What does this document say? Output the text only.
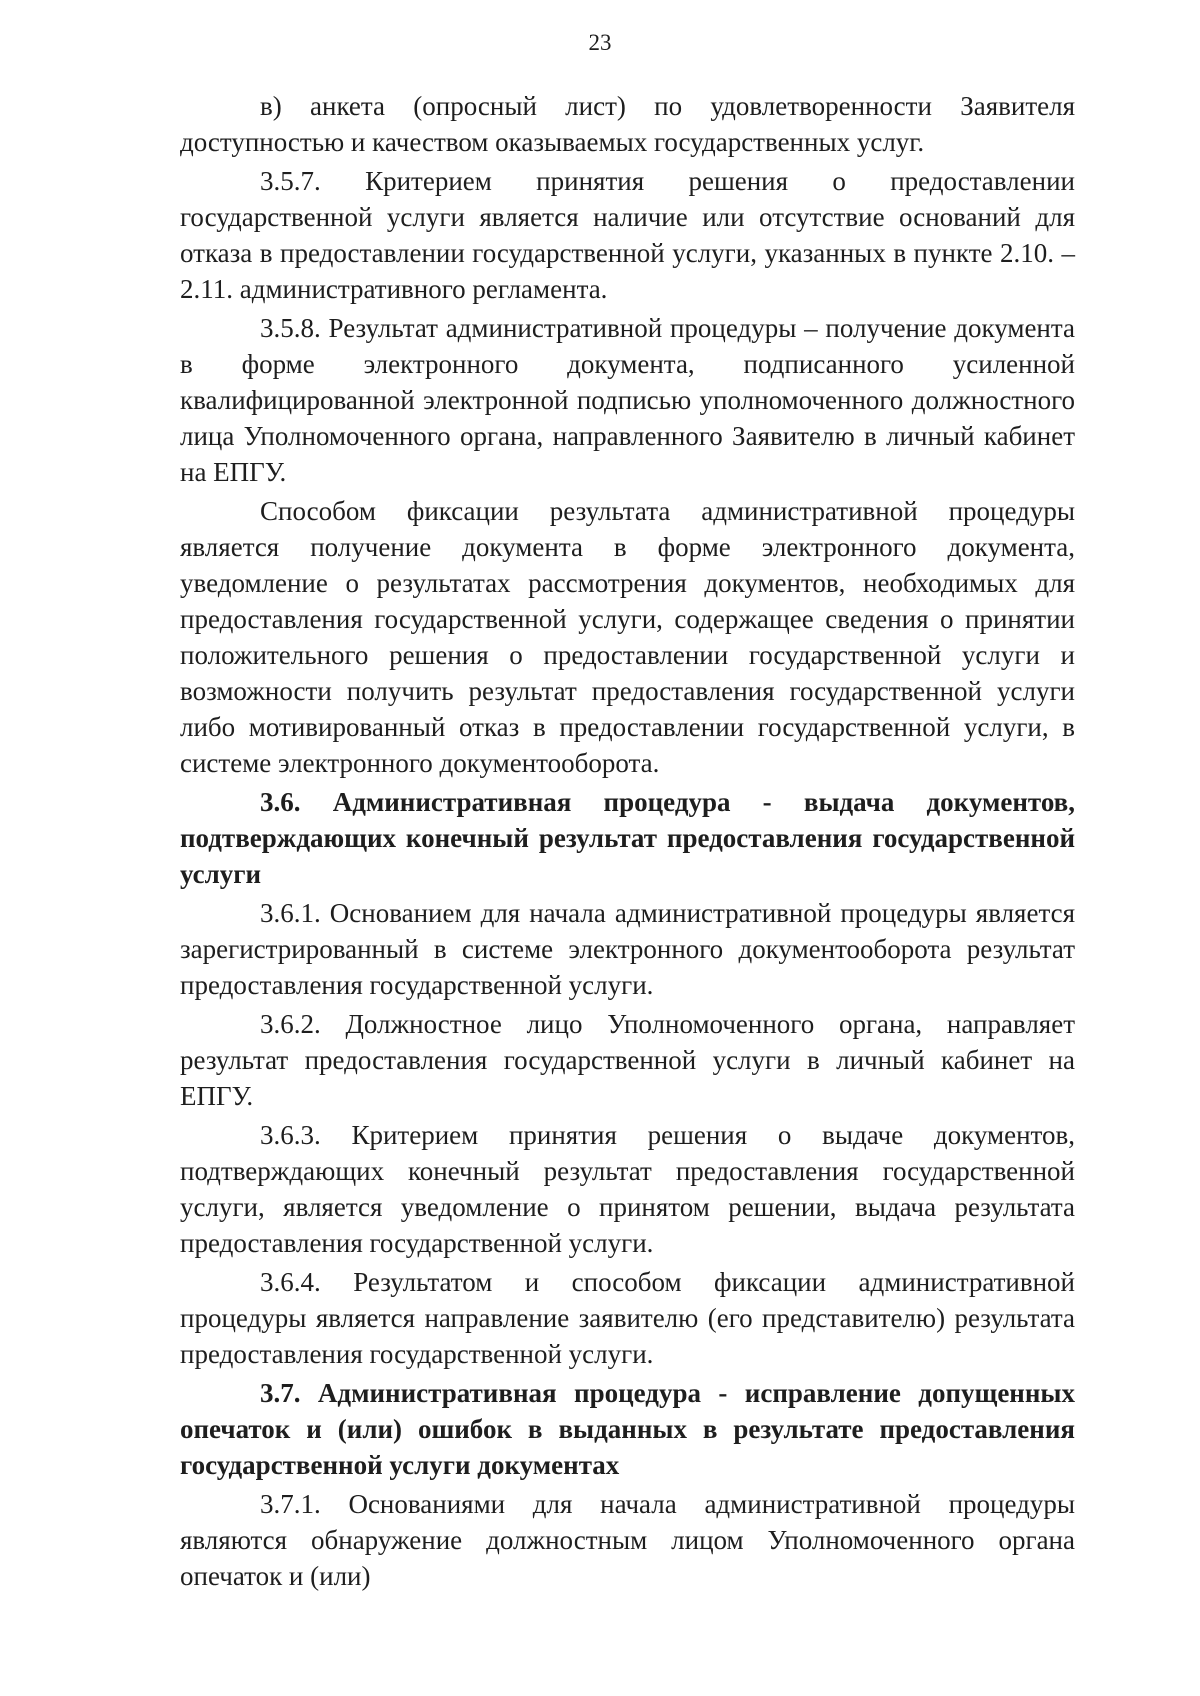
23

в) анкета (опросный лист) по удовлетворенности Заявителя доступностью и качеством оказываемых государственных услуг.

3.5.7. Критерием принятия решения о предоставлении государственной услуги является наличие или отсутствие оснований для отказа в предоставлении государственной услуги, указанных в пункте 2.10. – 2.11. административного регламента.

3.5.8. Результат административной процедуры – получение документа в форме электронного документа, подписанного усиленной квалифицированной электронной подписью уполномоченного должностного лица Уполномоченного органа, направленного Заявителю в личный кабинет на ЕПГУ.

Способом фиксации результата административной процедуры является получение документа в форме электронного документа, уведомление о результатах рассмотрения документов, необходимых для предоставления государственной услуги, содержащее сведения о принятии положительного решения о предоставлении государственной услуги и возможности получить результат предоставления государственной услуги либо мотивированный отказ в предоставлении государственной услуги, в системе электронного документооборота.

3.6. Административная процедура - выдача документов, подтверждающих конечный результат предоставления государственной услуги

3.6.1. Основанием для начала административной процедуры является зарегистрированный в системе электронного документооборота результат предоставления государственной услуги.

3.6.2. Должностное лицо Уполномоченного органа, направляет результат предоставления государственной услуги в личный кабинет на ЕПГУ.

3.6.3. Критерием принятия решения о выдаче документов, подтверждающих конечный результат предоставления государственной услуги, является уведомление о принятом решении, выдача результата предоставления государственной услуги.

3.6.4. Результатом и способом фиксации административной процедуры является направление заявителю (его представителю) результата предоставления государственной услуги.

3.7. Административная процедура - исправление допущенных опечаток и (или) ошибок в выданных в результате предоставления государственной услуги документах

3.7.1. Основаниями для начала административной процедуры являются обнаружение должностным лицом Уполномоченного органа опечаток и (или)
